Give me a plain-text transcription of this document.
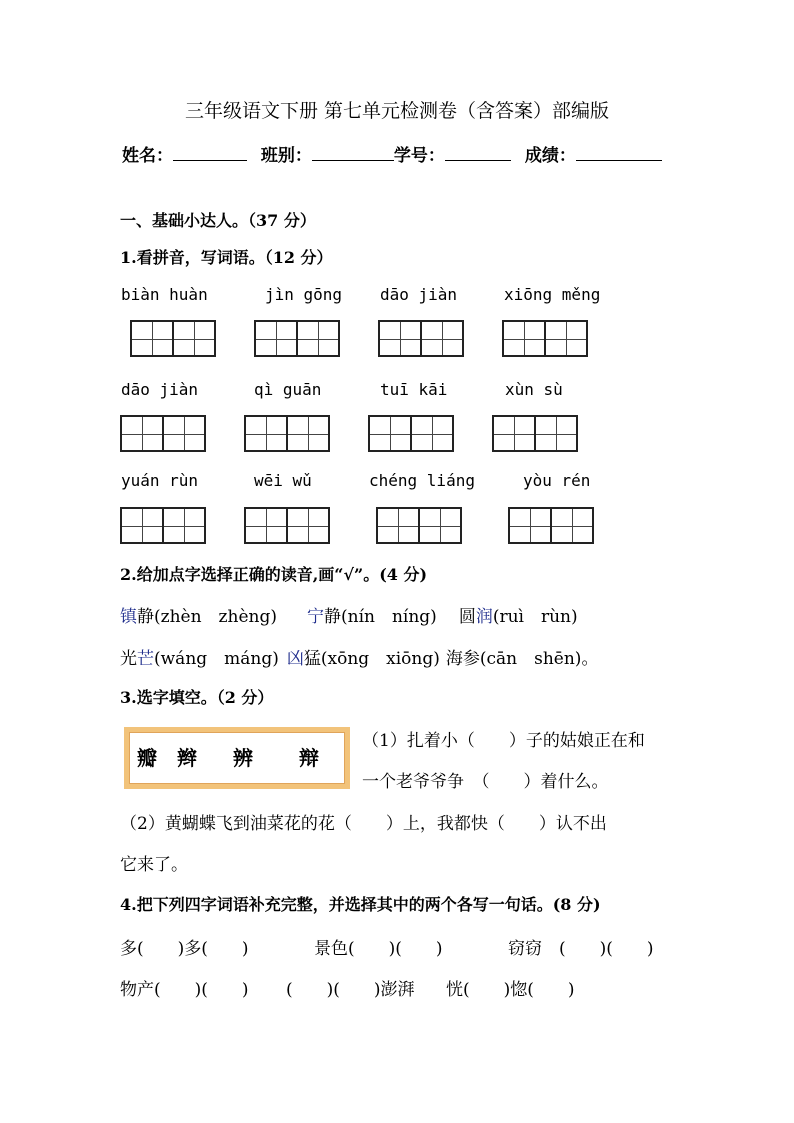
三年级语文下册 第七单元检测卷（含答案）部编版
姓名：	班别：	学号：	成绩：
一、基础小达人。（37 分）
1.看拼音，写词语。（12 分）
biàn huàn	jìn gōng dāo jiàn	xiōng měng
dāo jiàn	qì guān	tuī kāi	xùn sù
yuán rùn	wēi wǔ	chéng liáng	yòu rén
2.给加点字选择正确的读音,画“√”。(4 分)
镇静(zhèn　zhèng) 宁静(nín　níng) 圆润(ruì　rùn)
光芒(wáng　máng) 凶猛(xōng　xiōng) 海参(cān　shēn)。
3.选字填空。（2 分）
瓣 辫 辨 辩
（1）扎着小（　　）子的姑娘正在和
一个老爷爷争　（　　）着什么。
（2）黄蝴蝶飞到油菜花的花（　　）上，我都快（　　）认不出
它来了。
4.把下列四字词语补充完整，并选择其中的两个各写一句话。(8 分)
多(　　)多(　　)	景色(　　)(　　)	窃窃　(　　)(　　)
物产(　　)(　　) (　　)(　　)澎湃 恍(　　)惚(　　)
